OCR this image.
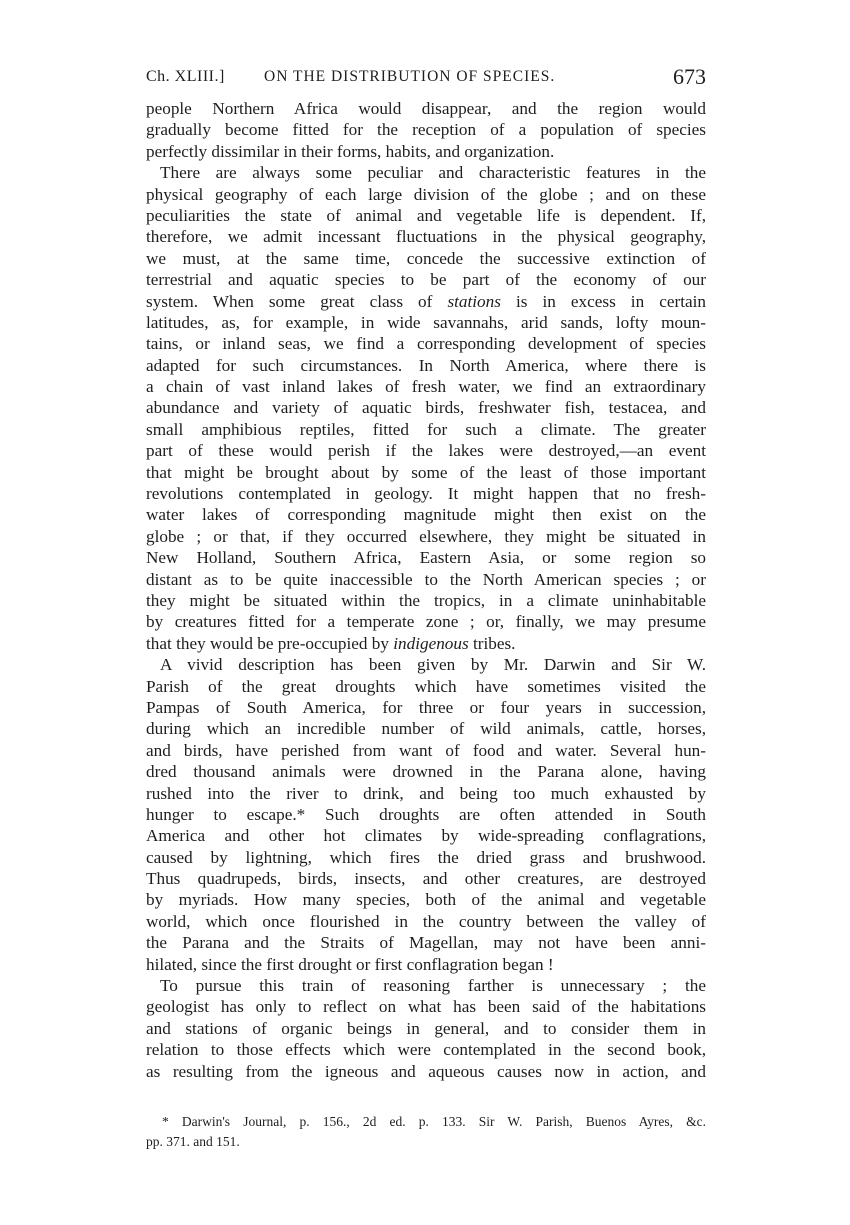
Ch. XLIII.]	ON THE DISTRIBUTION OF SPECIES.	673
people Northern Africa would disappear, and the region would
gradually become fitted for the reception of a population of species
perfectly dissimilar in their forms, habits, and organization.
There are always some peculiar and characteristic features in the
physical geography of each large division of the globe ; and on these
peculiarities the state of animal and vegetable life is dependent. If,
therefore, we admit incessant fluctuations in the physical geography,
we must, at the same time, concede the successive extinction of
terrestrial and aquatic species to be part of the economy of our
system. When some great class of stations is in excess in certain
latitudes, as, for example, in wide savannahs, arid sands, lofty moun-
tains, or inland seas, we find a corresponding development of species
adapted for such circumstances. In North America, where there is
a chain of vast inland lakes of fresh water, we find an extraordinary
abundance and variety of aquatic birds, freshwater fish, testacea, and
small amphibious reptiles, fitted for such a climate. The greater
part of these would perish if the lakes were destroyed,—an event
that might be brought about by some of the least of those important
revolutions contemplated in geology. It might happen that no fresh-
water lakes of corresponding magnitude might then exist on the
globe ; or that, if they occurred elsewhere, they might be situated in
New Holland, Southern Africa, Eastern Asia, or some region so
distant as to be quite inaccessible to the North American species ; or
they might be situated within the tropics, in a climate uninhabitable
by creatures fitted for a temperate zone ; or, finally, we may presume
that they would be pre-occupied by indigenous tribes.
A vivid description has been given by Mr. Darwin and Sir W.
Parish of the great droughts which have sometimes visited the
Pampas of South America, for three or four years in succession,
during which an incredible number of wild animals, cattle, horses,
and birds, have perished from want of food and water. Several hun-
dred thousand animals were drowned in the Parana alone, having
rushed into the river to drink, and being too much exhausted by
hunger to escape.* Such droughts are often attended in South
America and other hot climates by wide-spreading conflagrations,
caused by lightning, which fires the dried grass and brushwood.
Thus quadrupeds, birds, insects, and other creatures, are destroyed
by myriads. How many species, both of the animal and vegetable
world, which once flourished in the country between the valley of
the Parana and the Straits of Magellan, may not have been anni-
hilated, since the first drought or first conflagration began !
To pursue this train of reasoning farther is unnecessary ; the
geologist has only to reflect on what has been said of the habitations
and stations of organic beings in general, and to consider them in
relation to those effects which were contemplated in the second book,
as resulting from the igneous and aqueous causes now in action, and
* Darwin's Journal, p. 156., 2d ed. p. 133. Sir W. Parish, Buenos Ayres, &c.
pp. 371. and 151.
